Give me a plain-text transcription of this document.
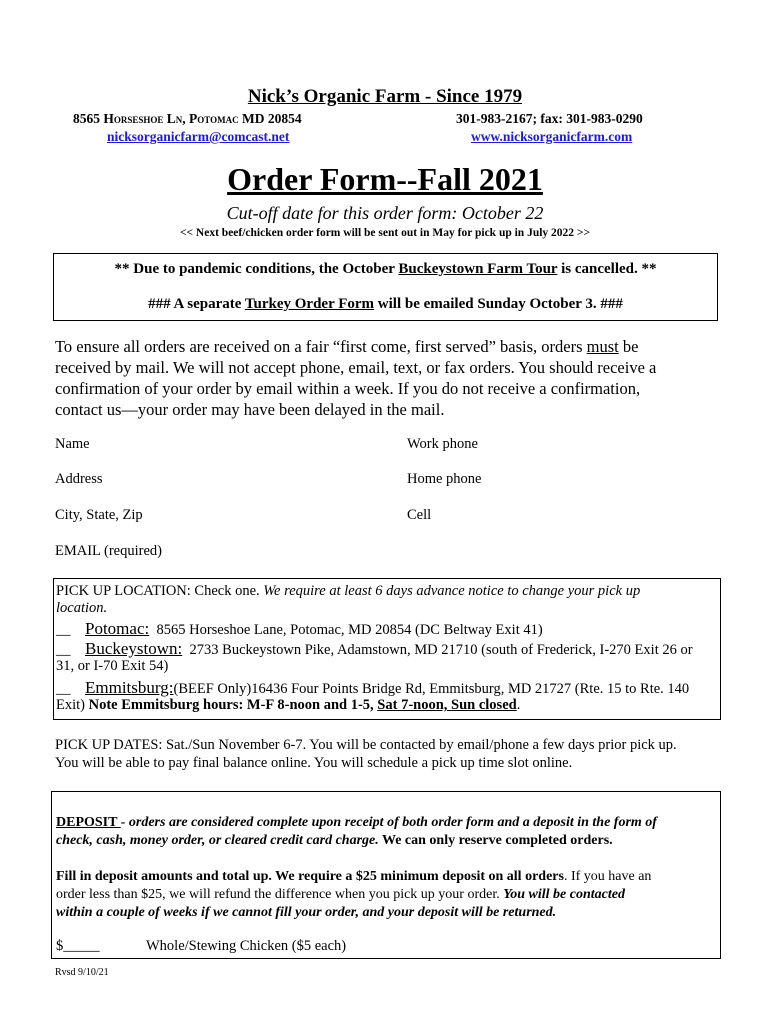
Nick’s Organic Farm - Since 1979
8565 Horseshoe Ln, Potomac MD 20854	301-983-2167; fax: 301-983-0290
nicksorganicfarm@comcast.net	www.nicksorganicfarm.com
Order Form--Fall 2021
Cut-off date for this order form: October 22
<< Next beef/chicken order form will be sent out in May for pick up in July 2022 >>
** Due to pandemic conditions, the October Buckeystown Farm Tour is cancelled. **
### A separate Turkey Order Form will be emailed Sunday October 3. ###
To ensure all orders are received on a fair “first come, first served” basis, orders must be
received by mail. We will not accept phone, email, text, or fax orders. You should receive a
confirmation of your order by email within a week. If you do not receive a confirmation,
contact us—your order may have been delayed in the mail.
Name	Work phone
Address	Home phone
City, State, Zip	Cell
EMAIL (required)
PICK UP LOCATION: Check one. We require at least 6 days advance notice to change your pick up
location.
__ Potomac: 8565 Horseshoe Lane, Potomac, MD 20854 (DC Beltway Exit 41)
__ Buckeystown: 2733 Buckeystown Pike, Adamstown, MD 21710 (south of Frederick, I-270 Exit 26 or
31, or I-70 Exit 54)
__ Emmitsburg:(BEEF Only)16436 Four Points Bridge Rd, Emmitsburg, MD 21727 (Rte. 15 to Rte. 140
Exit) Note Emmitsburg hours: M-F 8-noon and 1-5, Sat 7-noon, Sun closed.
PICK UP DATES: Sat./Sun November 6-7. You will be contacted by email/phone a few days prior pick up.
You will be able to pay final balance online. You will schedule a pick up time slot online.
DEPOSIT - orders are considered complete upon receipt of both order form and a deposit in the form of
check, cash, money order, or cleared credit card charge. We can only reserve completed orders.
Fill in deposit amounts and total up. We require a $25 minimum deposit on all orders. If you have an
order less than $25, we will refund the difference when you pick up your order. You will be contacted
within a couple of weeks if we cannot fill your order, and your deposit will be returned.
$_____	Whole/Stewing Chicken ($5 each)
Rvsd 9/10/21
